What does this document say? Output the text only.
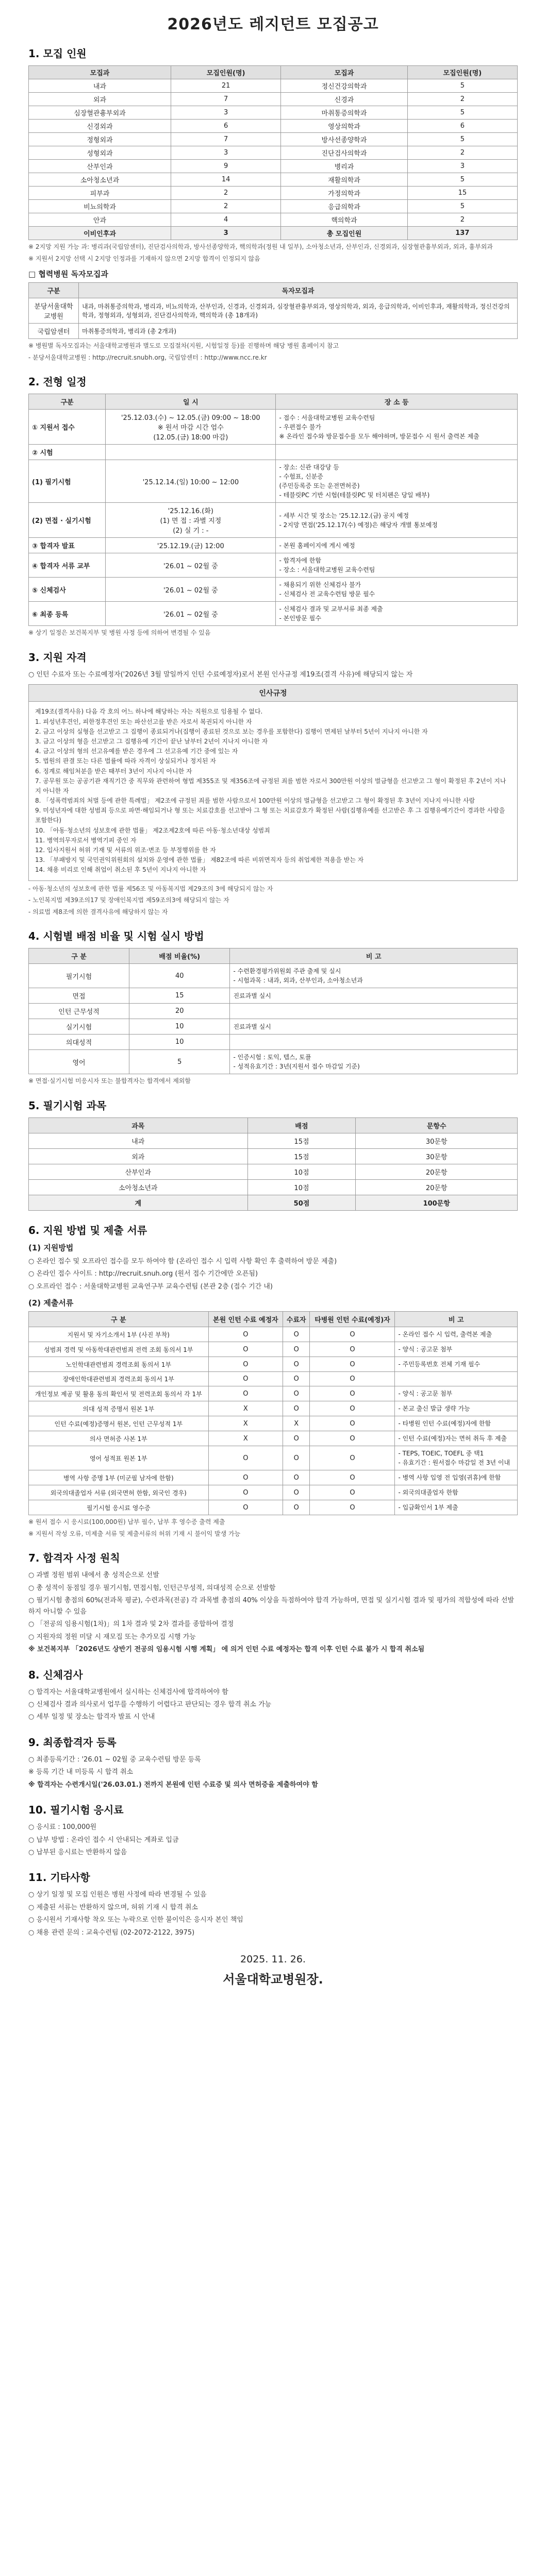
2026년도 레지던트 모집공고
1. 모집 인원
모집과	모집인원(명)	모집과	모집인원(명)
내과	21	정신건강의학과	5
외과	7	신경과	2
심장혈관흉부외과	3	마취통증의학과	5
신경외과	6	영상의학과	6
정형외과	7	방사선종양학과	5
성형외과	3	진단검사의학과	2
산부인과	9	병리과	3
소아청소년과	14	재활의학과	5
피부과	2	가정의학과	15
비뇨의학과	2	응급의학과	5
안과	4	핵의학과	2
이비인후과	3	총 모집인원	137
※ 2지망 지원 가능 과: 병리과(국립암센터), 진단검사의학과, 방사선종양학과, 핵의학과(정원 내 일부), 소아청소년과, 산부인과, 신경외과, 심장혈관흉부외과, 외과, 흉부외과
※ 지원서 2지망 선택 시 2지망 인정과를 기재하지 않으면 2지망 합격이 인정되지 않음
□ 협력병원 독자모집과
구분	독자모집과
분당서울대학교병원	내과, 마취통증의학과, 병리과, 비뇨의학과, 산부인과, 신경과, 신경외과, 심장혈관흉부외과, 영상의학과, 외과, 응급의학과, 이비인후과, 재활의학과, 정신건강의학과, 정형외과, 성형외과, 진단검사의학과, 핵의학과 (총 18개과)
국립암센터	마취통증의학과, 병리과 (총 2개과)
※ 병원별 독자모집과는 서울대학교병원과 별도로 모집절차(지원, 시험일정 등)를 진행하며 해당 병원 홈페이지 참고
- 분당서울대학교병원 : http://recruit.snubh.org, 국립암센터 : http://www.ncc.re.kr
2. 전형 일정
구분	일 시	장 소 등
① 지원서 접수	'25.12.03.(수) ~ 12.05.(금) 09:00 ~ 18:00
※ 원서 마감 시간 엄수
(12.05.(금) 18:00 마감)	- 접수 : 서울대학교병원 교육수련팀
- 우편접수 불가
※ 온라인 접수와 방문접수를 모두 해야하며, 방문접수 시 원서 출력본 제출
② 시험		
(1) 필기시험	'25.12.14.(일) 10:00 ~ 12:00	- 장소: 신관 대강당 등
- 수험표, 신분증
(주민등록증 또는 운전면허증)
- 테블릿PC 기반 시험(테블릿PC 및 터치펜은 당일 배부)
(2) 면접 · 실기시험	'25.12.16.(화)
(1) 면 접 : 과별 지정
(2) 실 기 : -	- 세부 시간 및 장소는 '25.12.12.(금) 공지 예정
- 2지망 면접('25.12.17(수) 예정)은 해당자 개별 통보예정
③ 합격자 발표	'25.12.19.(금) 12:00	- 본원 홈페이지에 게시 예정
④ 합격자 서류 교부	'26.01 ~ 02월 중	- 합격자에 한함
- 장소 : 서울대학교병원 교육수련팀
⑤ 신체검사	'26.01 ~ 02월 중	- 채용되기 위한 신체검사 불가
- 신체검사 전 교육수련팀 방문 필수
⑥ 최종 등록	'26.01 ~ 02월 중	- 신체검사 결과 및 교부서류 최종 제출
- 본인방문 필수
※ 상기 일정은 보건복지부 및 병원 사정 등에 의하여 변경될 수 있음
3. 지원 자격
○ 인턴 수료자 또는 수료예정자('2026년 3월 말일까지 인턴 수료예정자)로서 본원 인사규정 제19조(결격 사유)에 해당되지 않는 자
인사규정
제19조(결격사유) 다음 각 호의 어느 하나에 해당하는 자는 직원으로 임용될 수 없다.
1. 피성년후견인, 피한정후견인 또는 파산선고를 받은 자로서 복권되지 아니한 자
2. 금고 이상의 실형을 선고받고 그 집행이 종료되거나(집행이 종료된 것으로 보는 경우를 포함한다) 집행이 면제된 날부터 5년이 지나지 아니한 자
3. 금고 이상의 형을 선고받고 그 집행유예 기간이 끝난 날부터 2년이 지나지 아니한 자
4. 금고 이상의 형의 선고유예를 받은 경우에 그 선고유예 기간 중에 있는 자
5. 법원의 판결 또는 다른 법률에 따라 자격이 상실되거나 정지된 자
6. 징계로 해임처분을 받은 때부터 3년이 지나지 아니한 자
7. 공무원 또는 공공기관 재직기간 중 직무와 관련하여 형법 제355조 및 제356조에 규정된 죄를 범한 자로서 300만원 이상의 벌금형을 선고받고 그 형이 확정된 후 2년이 지나지 아니한 자
8. 「성폭력범죄의 처벌 등에 관한 특례법」 제2조에 규정된 죄를 범한 사람으로서 100만원 이상의 벌금형을 선고받고 그 형이 확정된 후 3년이 지나지 아니한 사람
9. 미성년자에 대한 성범죄 등으로 파면·해임되거나 형 또는 치료감호를 선고받아 그 형 또는 치료감호가 확정된 사람(집행유예를 선고받은 후 그 집행유예기간이 경과한 사람을 포함한다)
10. 「아동·청소년의 성보호에 관한 법률」 제2조제2호에 따른 아동·청소년대상 성범죄
11. 병역의무자로서 병역기피 중인 자
12. 입사지원서 허위 기재 및 서류의 위조·변조 등 부정행위를 한 자
13. 「부패방지 및 국민권익위원회의 설치와 운영에 관한 법률」 제82조에 따른 비위면직자 등의 취업제한 적용을 받는 자
14. 채용 비리로 인해 취업이 취소된 후 5년이 지나지 아니한 자
- 아동·청소년의 성보호에 관한 법률 제56조 및 아동복지법 제29조의 3에 해당되지 않는 자
- 노인복지법 제39조의17 및 장애인복지법 제59조의3에 해당되지 않는 자
- 의료법 제8조에 의한 결격사유에 해당하지 않는 자
4. 시험별 배점 비율 및 시험 실시 방법
구 분	배점 비율(%)	비 고
필기시험	40	- 수련환경평가위원회 주관 출제 및 실시
- 시험과목 : 내과, 외과, 산부인과, 소아청소년과
면접	15	진료과별 실시
인턴 근무성적	20	
실기시험	10	진료과별 실시
의대성적	10	
영어	5	- 인증시험 : 토익, 텝스, 토플
- 성적유효기간 : 3년(지원서 접수 마감일 기준)
※ 면접·실기시험 미응시자 또는 불합격자는 합격에서 제외함
5. 필기시험 과목
과목	배점	문항수
내과	15점	30문항
외과	15점	30문항
산부인과	10점	20문항
소아청소년과	10점	20문항
계	50점	100문항
6. 지원 방법 및 제출 서류
(1) 지원방법
○ 온라인 접수 및 오프라인 접수를 모두 하여야 함 (온라인 접수 시 입력 사항 확인 후 출력하여 방문 제출)
○ 온라인 접수 사이트 : http://recruit.snuh.org (원서 접수 기간에만 오픈됨)
○ 오프라인 접수 : 서울대학교병원 교육연구부 교육수련팀 (본관 2층 (접수 기간 내)
(2) 제출서류
구 분	본원 인턴 수료 예정자	수료자	타병원 인턴 수료(예정)자	비 고
지원서 및 자기소개서 1부 (사진 부착)	O	O	O	- 온라인 접수 시 입력, 출력본 제출
성범죄 경력 및 아동학대관련범죄 전력 조회 동의서 1부	O	O	O	- 양식 : 공고문 첨부
노인학대관련범죄 경력조회 동의서 1부	O	O	O	- 주민등록번호 전체 기재 필수
장애인학대관련범죄 경력조회 동의서 1부	O	O	O	
개인정보 제공 및 활용 동의 확인서 및 전력조회 동의서 각 1부	O	O	O	- 양식 : 공고문 첨부
의대 성적 증명서 원본 1부	X	O	O	- 본교 출신 발급 생략 가능
인턴 수료(예정)증명서 원본, 인턴 근무성적 1부	X	X	O	- 타병원 인턴 수료(예정)자에 한함
의사 면허증 사본 1부	X	O	O	- 인턴 수료(예정)자는 면허 취득 후 제출
영어 성적표 원본 1부	O	O	O	- TEPS, TOEIC, TOEFL 중 택1
- 유효기간 : 원서접수 마감일 전 3년 이내
병역 사항 증명 1부 (미군필 남자에 한함)	O	O	O	- 병역 사항 입영 전 입영(귀휴)에 한함
외국의대졸업자 서류 (외국면허 한함, 외국인 경우)	O	O	O	- 외국의대졸업자 한함
필기시험 응시료 영수증	O	O	O	- 입금확인서 1부 제출
※ 원서 접수 시 응시료(100,000원) 납부 필수, 납부 후 영수증 출력 제출
※ 지원서 작성 오류, 미제출 서류 및 제출서류의 허위 기재 시 불이익 발생 가능
7. 합격자 사정 원칙
○ 과별 정원 범위 내에서 총 성적순으로 선발
○ 총 성적이 동점일 경우 필기시험, 면접시험, 인턴근무성적, 의대성적 순으로 선발함
○ 필기시험 총점의 60%(전과목 평균), 수련과목(전공) 각 과목별 총점의 40% 이상을 득점하여야 합격 가능하며, 면접 및 실기시험 결과 및 평가의 적합성에 따라 선발하지 아니할 수 있음
○ 「전공의 임용시험(1차)」의 1차 결과 및 2차 결과를 종합하여 결정
○ 지원자의 정원 미달 시 재모집 또는 추가모집 시행 가능
※ 보건복지부 「2026년도 상반기 전공의 임용시험 시행 계획」 에 의거 인턴 수료 예정자는 합격 이후 인턴 수료 불가 시 합격 취소됨
8. 신체검사
○ 합격자는 서울대학교병원에서 실시하는 신체검사에 합격하여야 함
○ 신체검사 결과 의사로서 업무를 수행하기 어렵다고 판단되는 경우 합격 취소 가능
○ 세부 일정 및 장소는 합격자 발표 시 안내
9. 최종합격자 등록
○ 최종등록기간 : '26.01 ~ 02월 중 교육수련팀 방문 등록
※ 등록 기간 내 미등록 시 합격 취소
※ 합격자는 수련개시일('26.03.01.) 전까지 본원에 인턴 수료증 및 의사 면허증을 제출하여야 함
10. 필기시험 응시료
○ 응시료 : 100,000원
○ 납부 방법 : 온라인 접수 시 안내되는 계좌로 입금
○ 납부된 응시료는 반환하지 않음
11. 기타사항
○ 상기 일정 및 모집 인원은 병원 사정에 따라 변경될 수 있음
○ 제출된 서류는 반환하지 않으며, 허위 기재 시 합격 취소
○ 응시원서 기재사항 착오 또는 누락으로 인한 불이익은 응시자 본인 책임
○ 채용 관련 문의 : 교육수련팀 (02-2072-2122, 3975)
2025. 11. 26.
서울대학교병원장.
